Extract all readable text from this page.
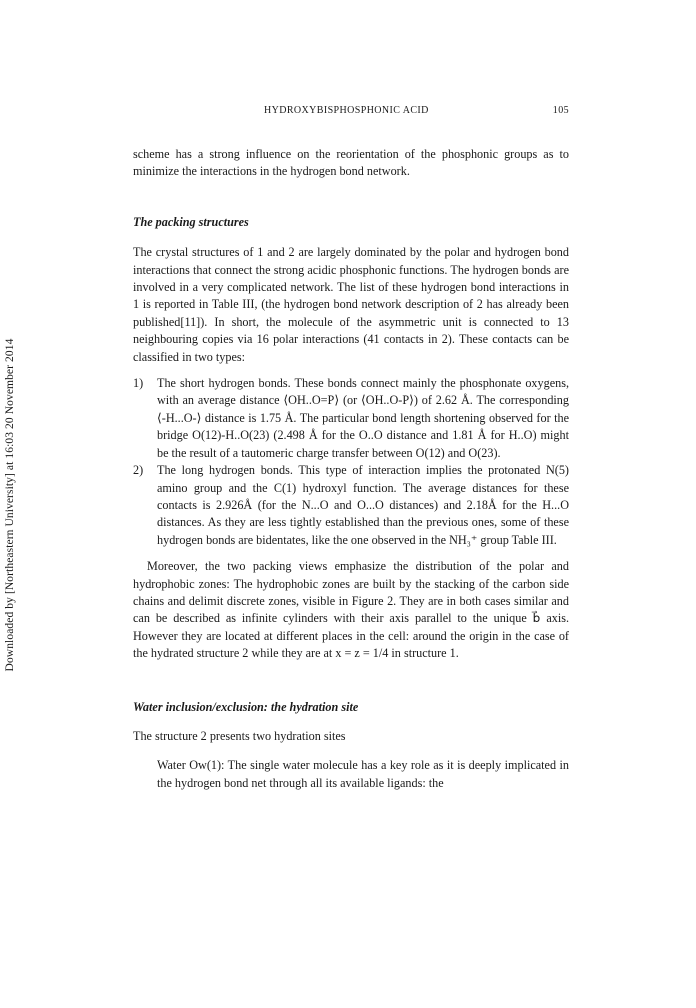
Downloaded by [Northeastern University] at 16:03 20 November 2014
HYDROXYBISPHOSPHONIC ACID	105

scheme has a strong influence on the reorientation of the phosphonic groups as to minimize the interactions in the hydrogen bond network.

The packing structures

The crystal structures of 1 and 2 are largely dominated by the polar and hydrogen bond interactions that connect the strong acidic phosphonic functions. The hydrogen bonds are involved in a very complicated network. The list of these hydrogen bond interactions in 1 is reported in Table III, (the hydrogen bond network description of 2 has already been published[11]). In short, the molecule of the asymmetric unit is connected to 13 neighbouring copies via 16 polar interactions (41 contacts in 2). These contacts can be classified in two types:

1) The short hydrogen bonds. These bonds connect mainly the phosphonate oxygens, with an average distance ⟨OH..O=P⟩ (or ⟨OH..O-P⟩) of 2.62 Å. The corresponding ⟨-H...O-⟩ distance is 1.75 Å. The particular bond length shortening observed for the bridge O(12)-H..O(23) (2.498 Å for the O..O distance and 1.81 Å for H..O) might be the result of a tautomeric charge transfer between O(12) and O(23).

2) The long hydrogen bonds. This type of interaction implies the protonated N(5) amino group and the C(1) hydroxyl function. The average distances for these contacts is 2.926Å (for the N...O and O...O distances) and 2.18Å for the H...O distances. As they are less tightly established than the previous ones, some of these hydrogen bonds are bidentates, like the one observed in the NH₃⁺ group Table III.

Moreover, the two packing views emphasize the distribution of the polar and hydrophobic zones: The hydrophobic zones are built by the stacking of the carbon side chains and delimit discrete zones, visible in Figure 2. They are in both cases similar and can be described as infinite cylinders with their axis parallel to the unique b⃗ axis. However they are located at different places in the cell: around the origin in the case of the hydrated structure 2 while they are at x = z = 1/4 in structure 1.

Water inclusion/exclusion: the hydration site

The structure 2 presents two hydration sites

Water Ow(1): The single water molecule has a key role as it is deeply implicated in the hydrogen bond net through all its available ligands: the
